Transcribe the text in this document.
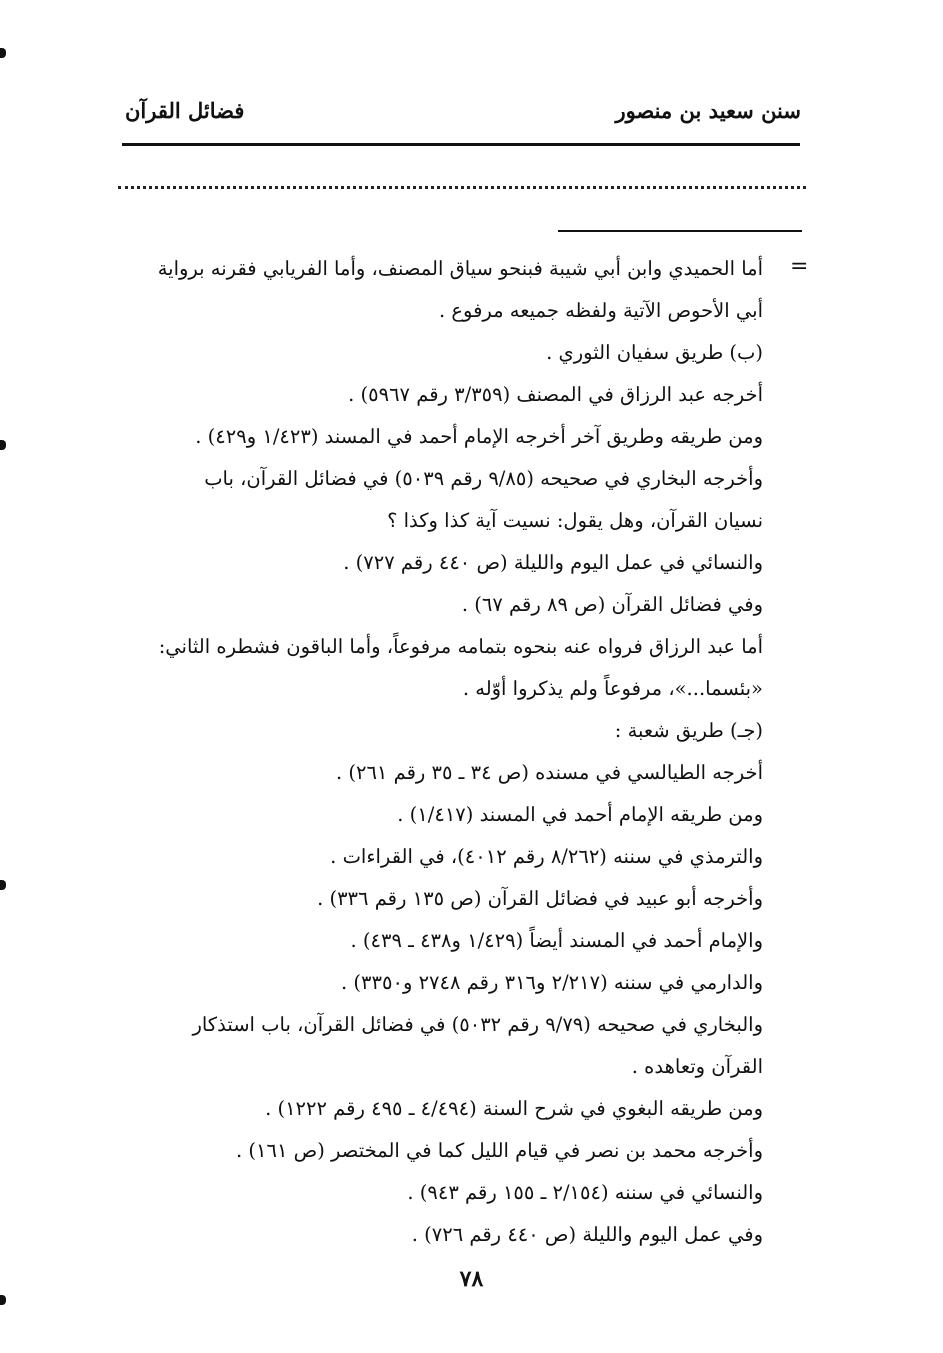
سنن سعيد بن منصور
فضائل القرآن
=
أما الحميدي وابن أبي شيبة فبنحو سياق المصنف، وأما الفريابي فقرنه برواية
أبي الأحوص الآتية ولفظه جميعه مرفوع .
(ب) طريق سفيان الثوري .
أخرجه عبد الرزاق في المصنف (٣/٣٥٩ رقم ٥٩٦٧) .
ومن طريقه وطريق آخر أخرجه الإمام أحمد في المسند (١/٤٢٣ و٤٢٩) .
وأخرجه البخاري في صحيحه (٩/٨٥ رقم ٥٠٣٩) في فضائل القرآن، باب
نسيان القرآن، وهل يقول: نسيت آية كذا وكذا ؟
والنسائي في عمل اليوم والليلة (ص ٤٤٠ رقم ٧٢٧) .
وفي فضائل القرآن (ص ٨٩ رقم ٦٧) .
أما عبد الرزاق فرواه عنه بنحوه بتمامه مرفوعاً، وأما الباقون فشطره الثاني:
«بئسما...»، مرفوعاً ولم يذكروا أوّله .
(جـ) طريق شعبة :
أخرجه الطيالسي في مسنده (ص ٣٤ ـ ٣٥ رقم ٢٦١) .
ومن طريقه الإمام أحمد في المسند (١/٤١٧) .
والترمذي في سننه (٨/٢٦٢ رقم ٤٠١٢)، في القراءات .
وأخرجه أبو عبيد في فضائل القرآن (ص ١٣٥ رقم ٣٣٦) .
والإمام أحمد في المسند أيضاً (١/٤٢٩ و٤٣٨ ـ ٤٣٩) .
والدارمي في سننه (٢/٢١٧ و٣١٦ رقم ٢٧٤٨ و٣٣٥٠) .
والبخاري في صحيحه (٩/٧٩ رقم ٥٠٣٢) في فضائل القرآن، باب استذكار
القرآن وتعاهده .
ومن طريقه البغوي في شرح السنة (٤/٤٩٤ ـ ٤٩٥ رقم ١٢٢٢) .
وأخرجه محمد بن نصر في قيام الليل كما في المختصر (ص ١٦١) .
والنسائي في سننه (٢/١٥٤ ـ ١٥٥ رقم ٩٤٣) .
وفي عمل اليوم والليلة (ص ٤٤٠ رقم ٧٢٦) .
٧٨
